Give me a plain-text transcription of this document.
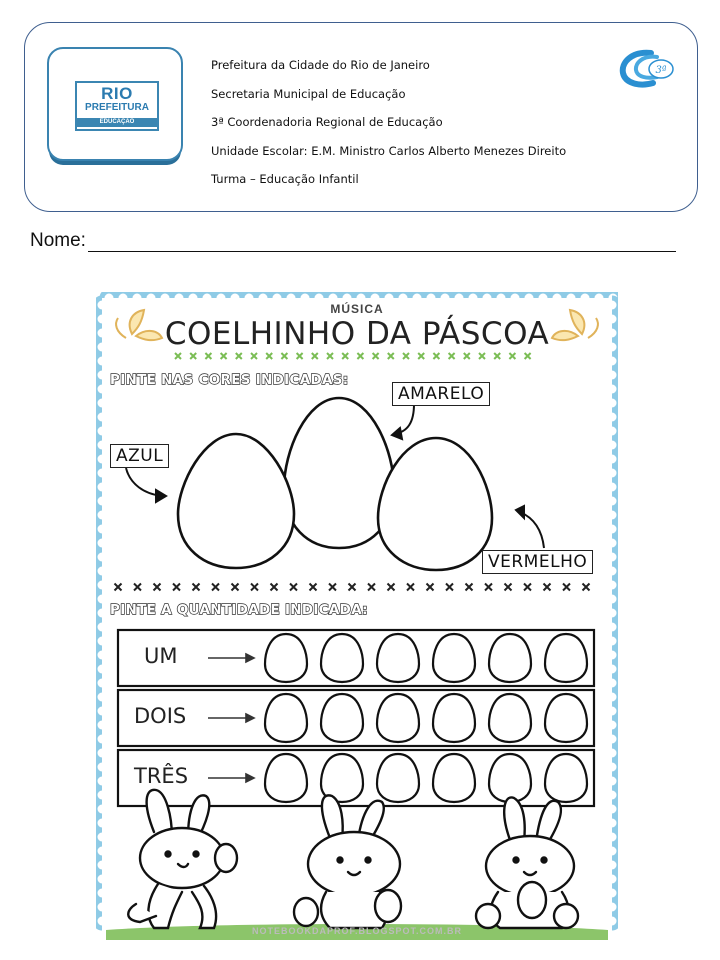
RIO
PREFEITURA
EDUCAÇÃO
Prefeitura da Cidade do Rio de Janeiro
Secretaria Municipal de Educação
3ª Coordenadoria Regional de Educação
Unidade Escolar: E.M. Ministro Carlos Alberto Menezes Direito
Turma – Educação Infantil
3ª
Nome:
MÚSICA
COELHINHO DA PÁSCOA
PINTE NAS CORES INDICADAS:
AZUL
AMARELO
VERMELHO
PINTE A QUANTIDADE INDICADA:
UM
DOIS
TRÊS
NOTEBOOKDAPROF.BLOGSPOT.COM.BR
